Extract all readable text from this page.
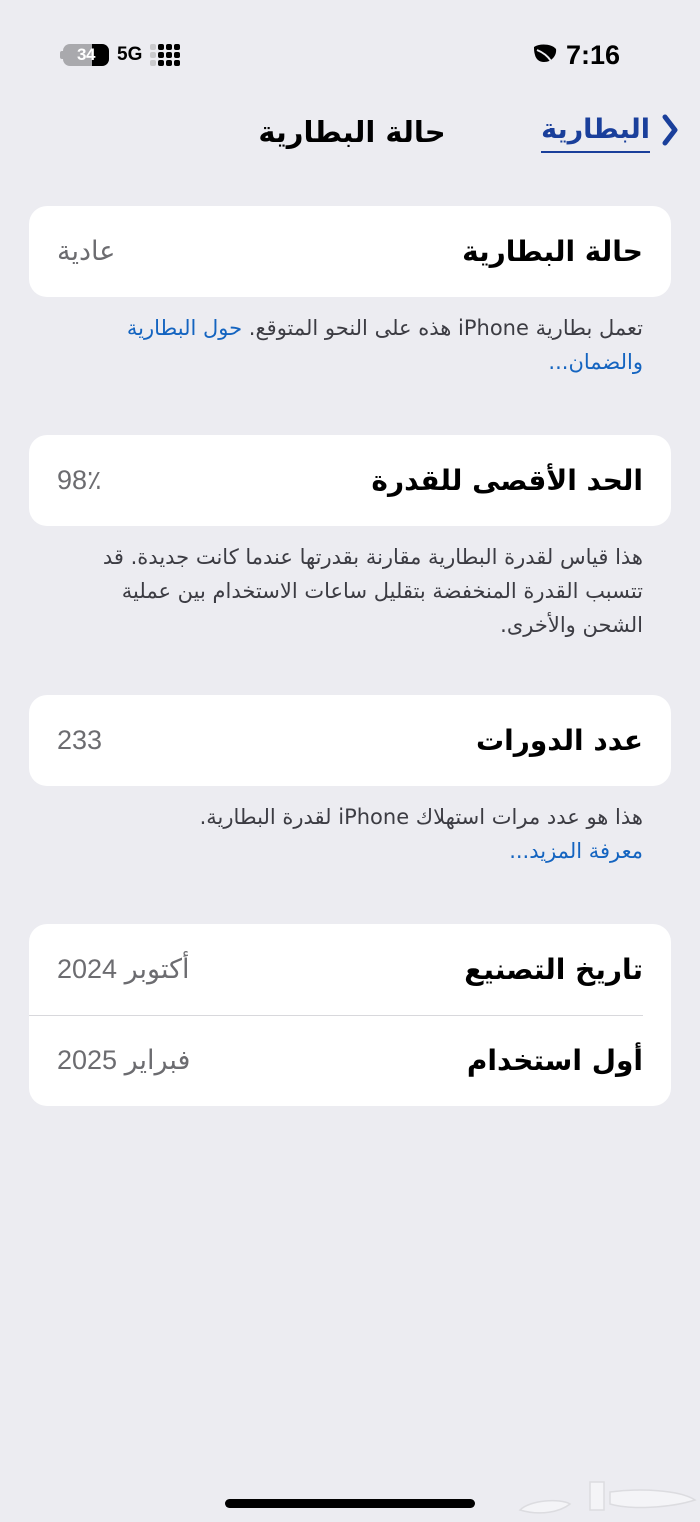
34 5G	7:16
حالة البطارية	البطارية
حالة البطارية
عادية
تعمل بطارية iPhone هذه على النحو المتوقع. حول البطارية والضمان...
الحد الأقصى للقدرة
98٪
هذا قياس لقدرة البطارية مقارنة بقدرتها عندما كانت جديدة. قد تتسبب القدرة المنخفضة بتقليل ساعات الاستخدام بين عملية الشحن والأخرى.
عدد الدورات
233
هذا هو عدد مرات استهلاك iPhone لقدرة البطارية.
معرفة المزيد...
تاريخ التصنيع
أكتوبر 2024
أول استخدام
فبراير 2025
